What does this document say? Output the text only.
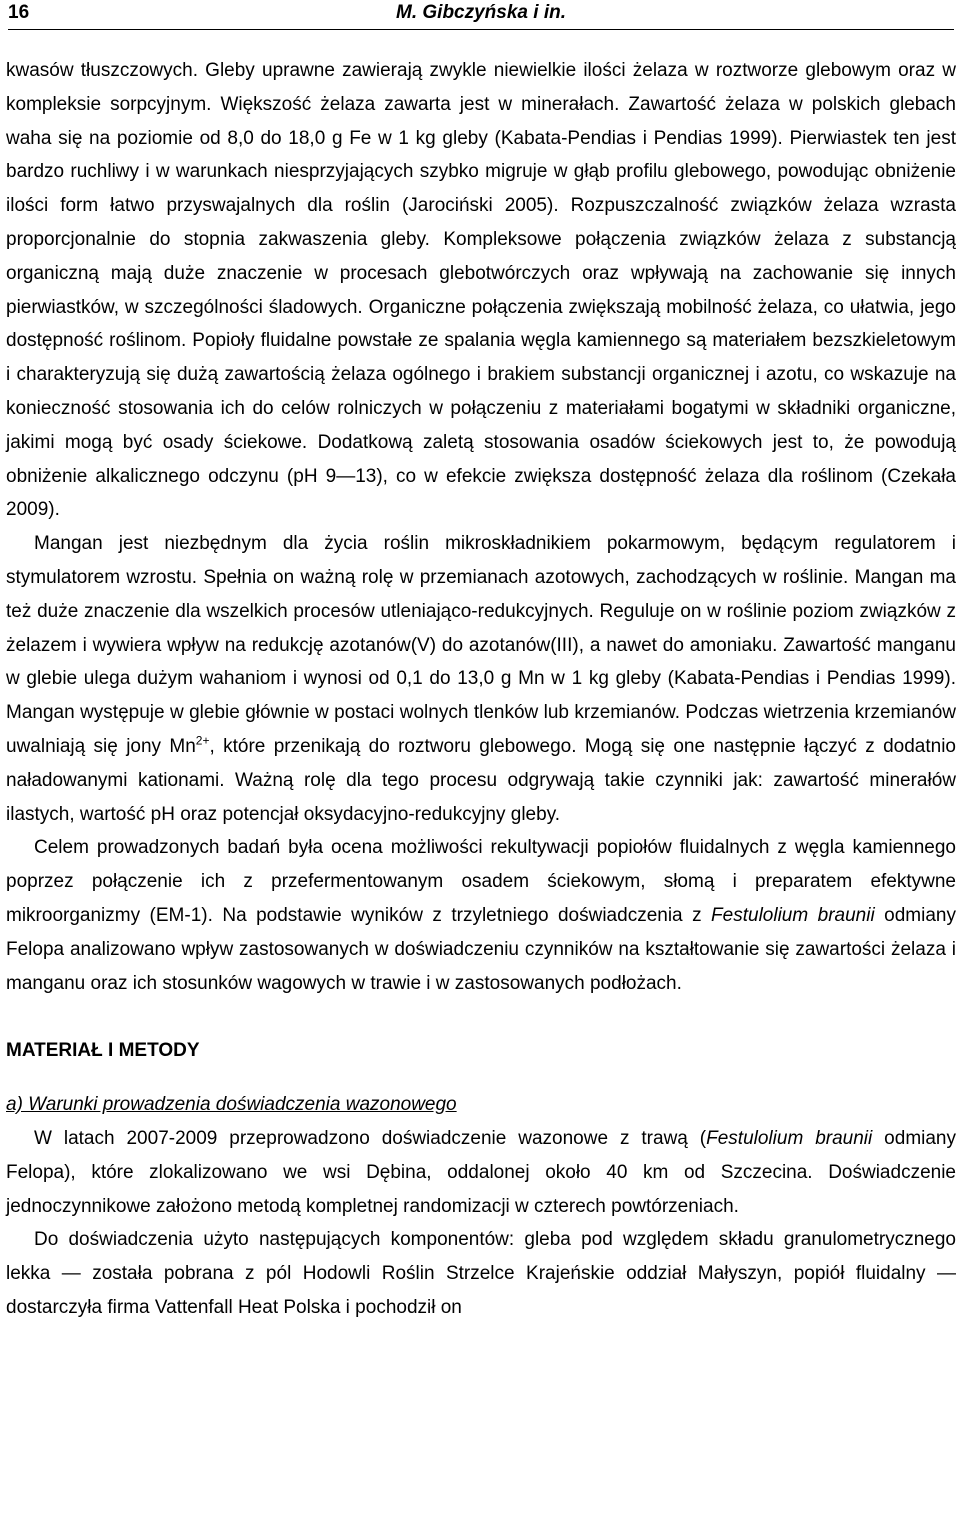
16	M. Gibczyńska i in.

kwasów tłuszczowych. Gleby uprawne zawierają zwykle niewielkie ilości żelaza w roztworze glebowym oraz w kompleksie sorpcyjnym. Większość żelaza zawarta jest w minerałach. Zawartość żelaza w polskich glebach waha się na poziomie od 8,0 do 18,0 g Fe w 1 kg gleby (Kabata-Pendias i Pendias 1999). Pierwiastek ten jest bardzo ruchliwy i w warunkach niesprzyjających szybko migruje w głąb profilu glebowego, powodując obniżenie ilości form łatwo przyswajalnych dla roślin (Jarociński 2005). Rozpuszczalność związków żelaza wzrasta proporcjonalnie do stopnia zakwaszenia gleby. Kompleksowe połączenia związków żelaza z substancją organiczną mają duże znaczenie w procesach glebotwórczych oraz wpływają na zachowanie się innych pierwiastków, w szczególności śladowych. Organiczne połączenia zwiększają mobilność żelaza, co ułatwia, jego dostępność roślinom. Popioły fluidalne powstałe ze spalania węgla kamiennego są materiałem bezszkieletowym i charakteryzują się dużą zawartością żelaza ogólnego i brakiem substancji organicznej i azotu, co wskazuje na konieczność stosowania ich do celów rolniczych w połączeniu z materiałami bogatymi w składniki organiczne, jakimi mogą być osady ściekowe. Dodatkową zaletą stosowania osadów ściekowych jest to, że powodują obniżenie alkalicznego odczynu (pH 9—13), co w efekcie zwiększa dostępność żelaza dla roślinom (Czekała 2009).

Mangan jest niezbędnym dla życia roślin mikroskładnikiem pokarmowym, będącym regulatorem i stymulatorem wzrostu. Spełnia on ważną rolę w przemianach azotowych, zachodzących w roślinie. Mangan ma też duże znaczenie dla wszelkich procesów utleniająco-redukcyjnych. Reguluje on w roślinie poziom związków z żelazem i wywiera wpływ na redukcję azotanów(V) do azotanów(III), a nawet do amoniaku. Zawartość manganu w glebie ulega dużym wahaniom i wynosi od 0,1 do 13,0 g Mn w 1 kg gleby (Kabata-Pendias i Pendias 1999). Mangan występuje w glebie głównie w postaci wolnych tlenków lub krzemianów. Podczas wietrzenia krzemianów uwalniają się jony $Mn^{2+}$, które przenikają do roztworu glebowego. Mogą się one następnie łączyć z dodatnio naładowanymi kationami. Ważną rolę dla tego procesu odgrywają takie czynniki jak: zawartość minerałów ilastych, wartość pH oraz potencjał oksydacyjno-redukcyjny gleby.

Celem prowadzonych badań była ocena możliwości rekultywacji popiołów fluidalnych z węgla kamiennego poprzez połączenie ich z przefermentowanym osadem ściekowym, słomą i preparatem efektywne mikroorganizmy (EM-1). Na podstawie wyników z trzyletniego doświadczenia z Festulolium braunii odmiany Felopa analizowano wpływ zastosowanych w doświadczeniu czynników na kształtowanie się zawartości żelaza i manganu oraz ich stosunków wagowych w trawie i w zastosowanych podłożach.

MATERIAŁ I METODY

a) Warunki prowadzenia doświadczenia wazonowego

W latach 2007-2009 przeprowadzono doświadczenie wazonowe z trawą (Festulolium braunii odmiany Felopa), które zlokalizowano we wsi Dębina, oddalonej około 40 km od Szczecina. Doświadczenie jednoczynnikowe założono metodą kompletnej randomizacji w czterech powtórzeniach.

Do doświadczenia użyto następujących komponentów: gleba pod względem składu granulometrycznego lekka — została pobrana z pól Hodowli Roślin Strzelce Krajeńskie oddział Małyszyn, popiół fluidalny — dostarczyła firma Vattenfall Heat Polska i pochodził on
